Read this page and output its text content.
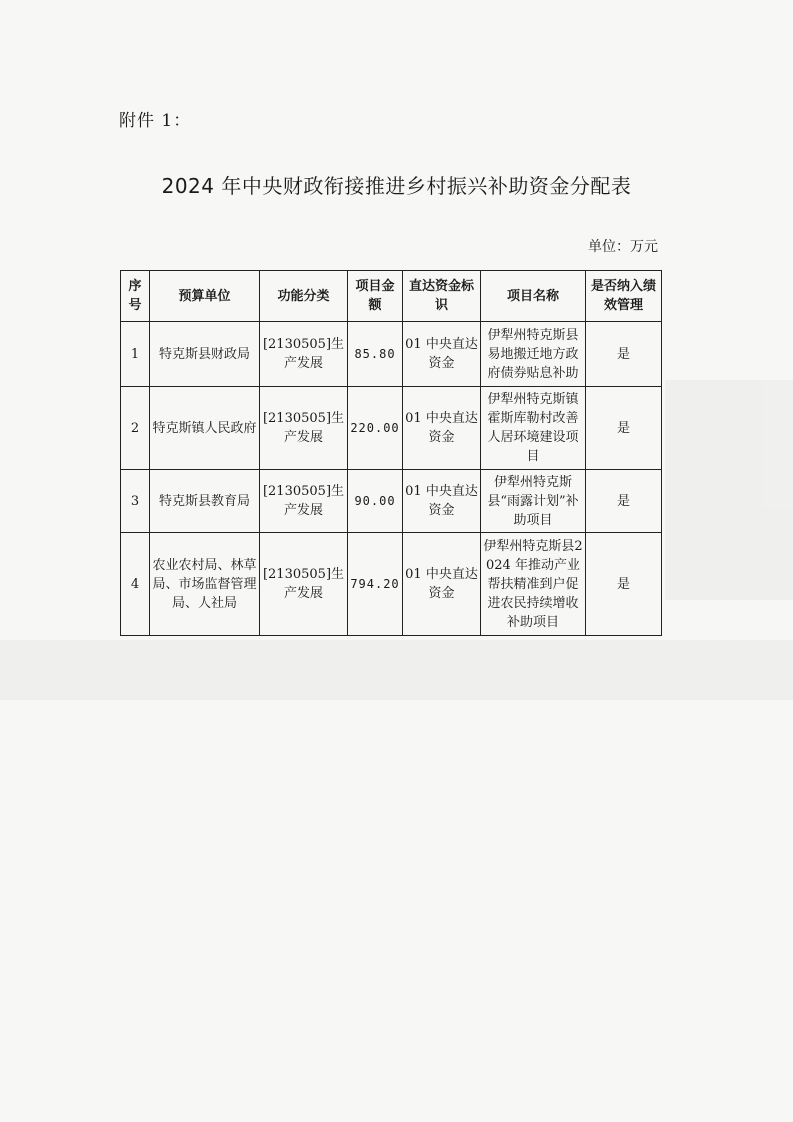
附件 1：
2024 年中央财政衔接推进乡村振兴补助资金分配表
单位：万元
序号	预算单位	功能分类	项目金额	直达资金标识	项目名称	是否纳入绩效管理
1	特克斯县财政局	[2130505]生产发展	85.80	01 中央直达资金	伊犁州特克斯县易地搬迁地方政府债券贴息补助	是
2	特克斯镇人民政府	[2130505]生产发展	220.00	01 中央直达资金	伊犁州特克斯镇霍斯库勒村改善人居环境建设项目	是
3	特克斯县教育局	[2130505]生产发展	90.00	01 中央直达资金	伊犁州特克斯县“雨露计划”补助项目	是
4	农业农村局、林草局、市场监督管理局、人社局	[2130505]生产发展	794.20	01 中央直达资金	伊犁州特克斯县2024 年推动产业帮扶精准到户促进农民持续增收补助项目	是
